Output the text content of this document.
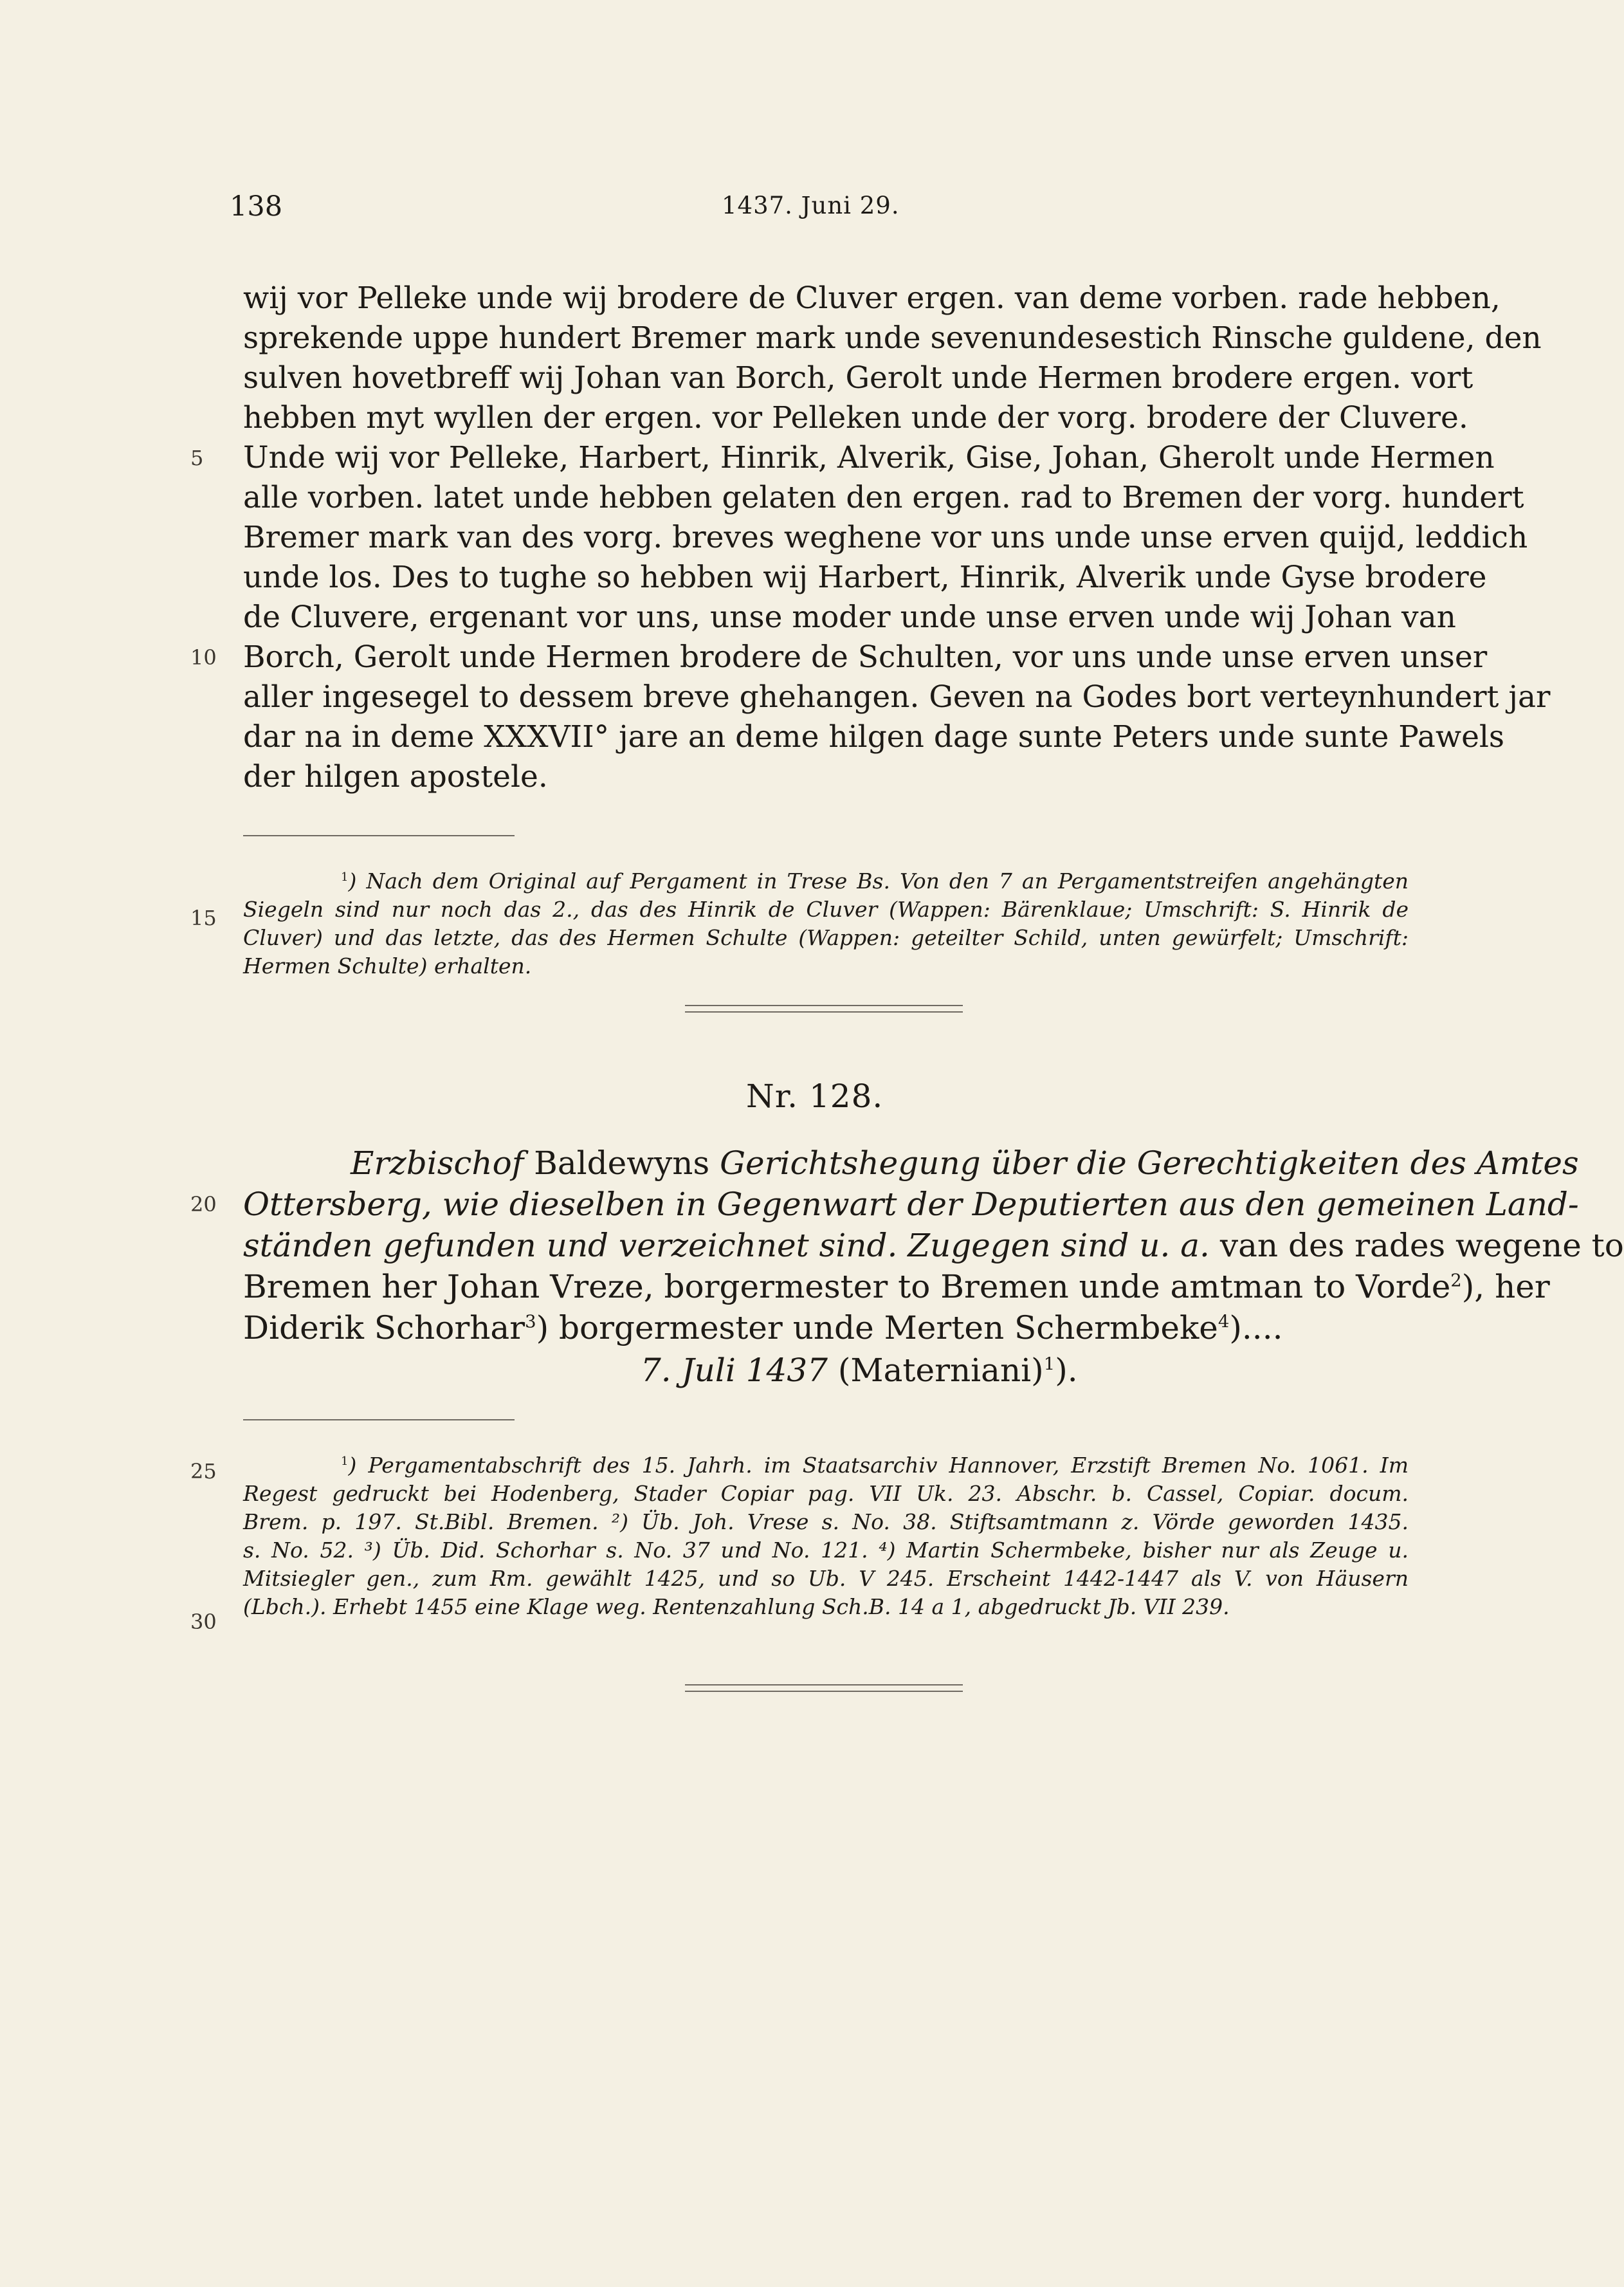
138	1437. Juni 29.
wij vor Pelleke unde wij brodere de Cluver ergen. van deme vorben. rade hebben,
sprekende uppe hundert Bremer mark unde sevenundesestich Rinsche guldene, den
sulven hovetbreff wij Johan van Borch, Gerolt unde Hermen brodere ergen. vort
hebben myt wyllen der ergen. vor Pelleken unde der vorg. brodere der Cluvere.
Unde wij vor Pelleke, Harbert, Hinrik, Alverik, Gise, Johan, Gherolt unde Hermen
alle vorben. latet unde hebben gelaten den ergen. rad to Bremen der vorg. hundert
Bremer mark van des vorg. breves weghene vor uns unde unse erven quijd, leddich
unde los. Des to tughe so hebben wij Harbert, Hinrik, Alverik unde Gyse brodere
de Cluvere, ergenant vor uns, unse moder unde unse erven unde wij Johan van
Borch, Gerolt unde Hermen brodere de Schulten, vor uns unde unse erven unser
aller ingesegel to dessem breve ghehangen. Geven na Godes bort verteynhundert jar
dar na in deme XXXVII° jare an deme hilgen dage sunte Peters unde sunte Pawels
der hilgen apostele.
5
10
15
20
25
30
$^1$) Nach dem Original auf Pergament in Trese Bs. Von den 7 an Pergamentstreifen angehängten
Siegeln sind nur noch das 2., das des Hinrik de Cluver (Wappen: Bärenklaue; Umschrift: S. Hinrik de
Cluver) und das letzte, das des Hermen Schulte (Wappen: geteilter Schild, unten gewürfelt; Umschrift:
Hermen Schulte) erhalten.
Nr. 128.
Erzbischof Baldewyns Gerichtshegung über die Gerechtigkeiten des Amtes
Ottersberg, wie dieselben in Gegenwart der Deputierten aus den gemeinen Land-
ständen gefunden und verzeichnet sind. Zugegen sind u. a. van des rades wegene to
Bremen her Johan Vreze, borgermester to Bremen unde amtman to Vorde$^2$), her
Diderik Schorhar$^3$) borgermester unde Merten Schermbeke$^4$)....
7. Juli 1437 (Materniani)$^1$).
$^1$) Pergamentabschrift des 15. Jahrh. im Staatsarchiv Hannover, Erzstift Bremen No. 1061. Im
Regest gedruckt bei Hodenberg, Stader Copiar pag. VII Uk. 23. Abschr. b. Cassel, Copiar. docum.
Brem. p. 197. St.Bibl. Bremen. ²) Üb. Joh. Vrese s. No. 38. Stiftsamtmann z. Vörde geworden 1435.
s. No. 52. ³) Üb. Did. Schorhar s. No. 37 und No. 121. ⁴) Martin Schermbeke, bisher nur als Zeuge u.
Mitsiegler gen., zum Rm. gewählt 1425, und so Ub. V 245. Erscheint 1442-1447 als V. von Häusern
(Lbch.). Erhebt 1455 eine Klage weg. Rentenzahlung Sch.B. 14 a 1, abgedruckt Jb. VII 239.
